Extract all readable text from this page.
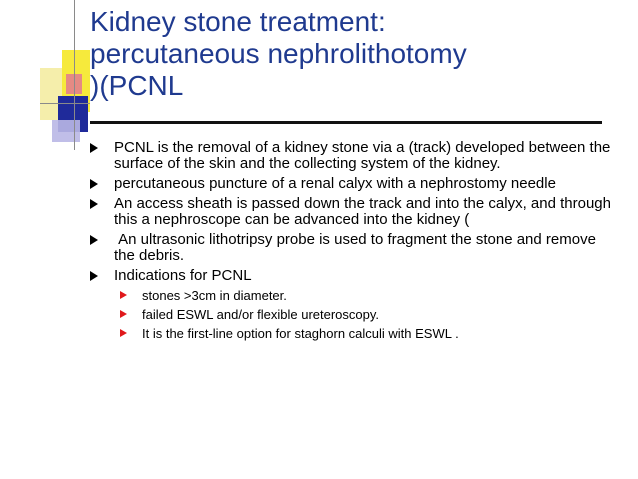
Kidney stone treatment:
percutaneous nephrolithotomy
)(PCNL
PCNL is the removal of a kidney stone via a (track) developed between the surface of the skin and the collecting system of the kidney.
percutaneous puncture of a renal calyx with a nephrostomy needle
An access sheath is passed down the track and into the calyx, and through this a nephroscope can be advanced into the kidney (
An ultrasonic lithotripsy probe is used to fragment the stone and remove the debris.
Indications for PCNL
stones >3cm in diameter.
failed ESWL and/or flexible ureteroscopy.
It is the first-line option for staghorn calculi with ESWL .
